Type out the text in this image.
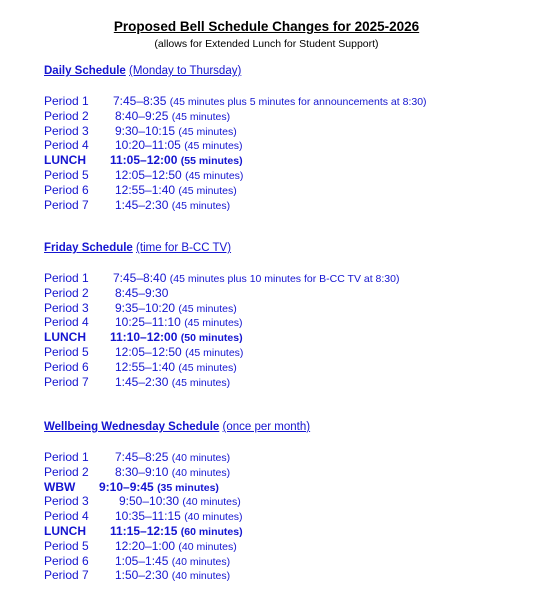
Proposed Bell Schedule Changes for 2025-2026
(allows for Extended Lunch for Student Support)
Daily Schedule (Monday to Thursday)
Period 1 7:45–8:35 (45 minutes plus 5 minutes for announcements at 8:30)
Period 2 8:40–9:25 (45 minutes)
Period 3 9:30–10:15 (45 minutes)
Period 4 10:20–11:05 (45 minutes)
LUNCH 11:05–12:00 (55 minutes)
Period 5 12:05–12:50 (45 minutes)
Period 6 12:55–1:40 (45 minutes)
Period 7 1:45–2:30 (45 minutes)
Friday Schedule (time for B-CC TV)
Period 1 7:45–8:40 (45 minutes plus 10 minutes for B-CC TV at 8:30)
Period 2 8:45–9:30
Period 3 9:35–10:20 (45 minutes)
Period 4 10:25–11:10 (45 minutes)
LUNCH 11:10–12:00 (50 minutes)
Period 5 12:05–12:50 (45 minutes)
Period 6 12:55–1:40 (45 minutes)
Period 7 1:45–2:30 (45 minutes)
Wellbeing Wednesday Schedule (once per month)
Period 1 7:45–8:25 (40 minutes)
Period 2 8:30–9:10 (40 minutes)
WBW 9:10–9:45 (35 minutes)
Period 3	9:50–10:30 (40 minutes)
Period 4 10:35–11:15 (40 minutes)
LUNCH 11:15–12:15 (60 minutes)
Period 5 12:20–1:00 (40 minutes)
Period 6 1:05–1:45 (40 minutes)
Period 7 1:50–2:30 (40 minutes)
